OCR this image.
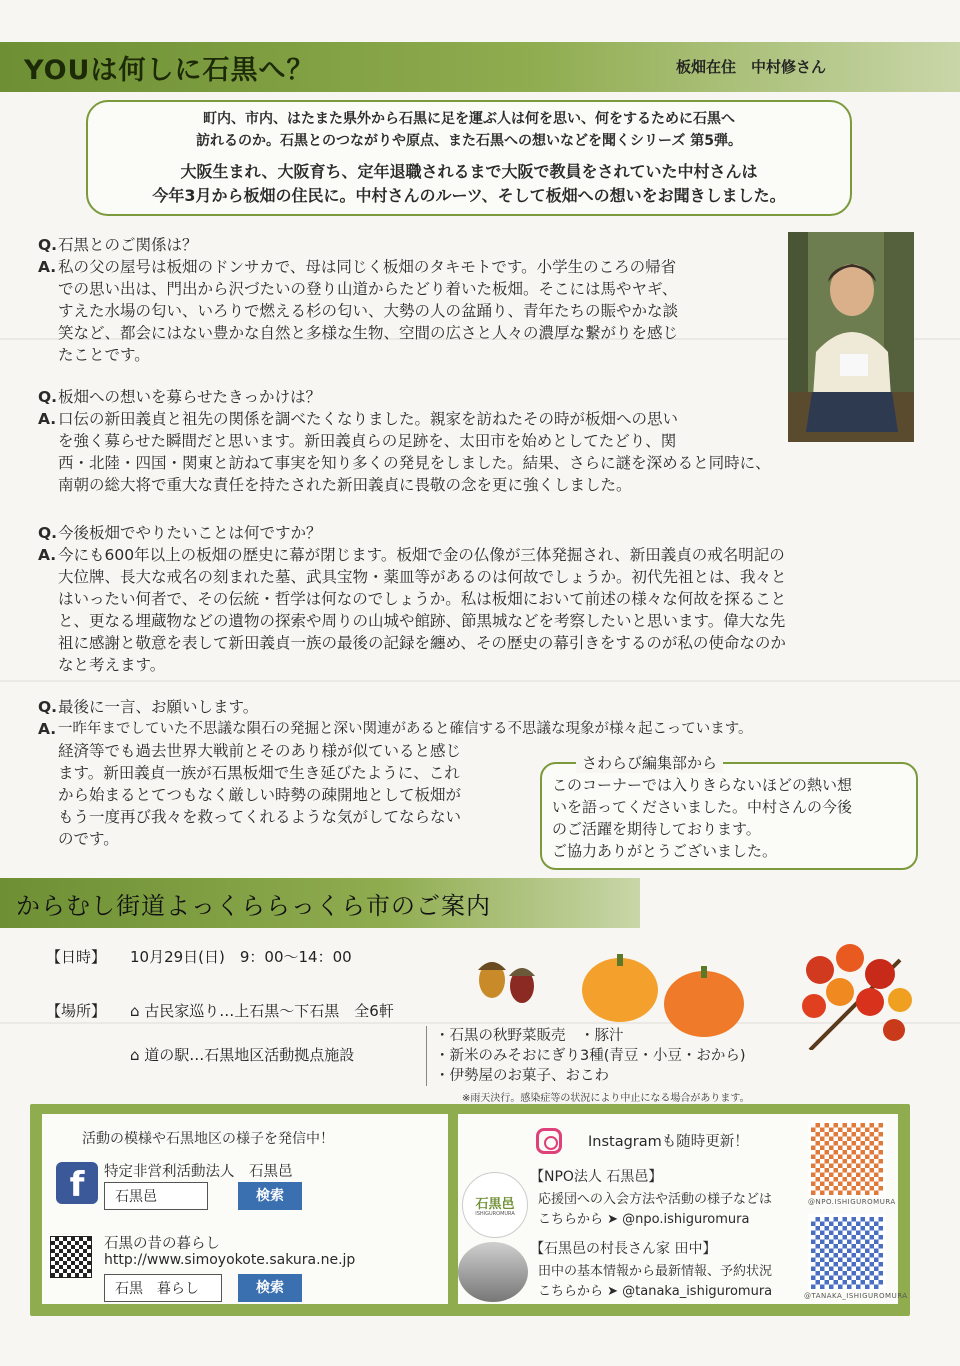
YOUは何しに石黒へ？	板畑在住　中村修さん
町内、市内、はたまた県外から石黒に足を運ぶ人は何を思い、何をするために石黒へ
訪れるのか。石黒とのつながりや原点、また石黒への想いなどを聞くシリーズ 第5弾。
大阪生まれ、大阪育ち、定年退職されるまで大阪で教員をされていた中村さんは
今年3月から板畑の住民に。中村さんのルーツ、そして板畑への想いをお聞きしました。
Q. 石黒とのご関係は？
A. 私の父の屋号は板畑のドンサカで、母は同じく板畑のタキモトです。小学生のころの帰省

での思い出は、門出から沢づたいの登り山道からたどり着いた板畑。そこには馬やヤギ、

すえた水場の匂い、いろりで燃える杉の匂い、大勢の人の盆踊り、青年たちの賑やかな談

笑など、都会にはない豊かな自然と多様な生物、空間の広さと人々の濃厚な繋がりを感じ

たことです。

Q. 板畑への想いを募らせたきっかけは？
A. 口伝の新田義貞と祖先の関係を調べたくなりました。親家を訪ねたその時が板畑への思い

を強く募らせた瞬間だと思います。新田義貞らの足跡を、太田市を始めとしてたどり、関

西・北陸・四国・関東と訪ねて事実を知り多くの発見をしました。結果、さらに謎を深めると同時に、

南朝の総大将で重大な責任を持たされた新田義貞に畏敬の念を更に強くしました。

Q. 今後板畑でやりたいことは何ですか？
A. 今にも600年以上の板畑の歴史に幕が閉じます。板畑で金の仏像が三体発掘され、新田義貞の戒名明記の

大位牌、長大な戒名の刻まれた墓、武具宝物・薬皿等があるのは何故でしょうか。初代先祖とは、我々と

はいったい何者で、その伝統・哲学は何なのでしょうか。私は板畑において前述の様々な何故を探ること

と、更なる埋蔵物などの遺物の探索や周りの山城や館跡、節黒城などを考察したいと思います。偉大な先

祖に感謝と敬意を表して新田義貞一族の最後の記録を纏め、その歴史の幕引きをするのが私の使命なのか

なと考えます。

Q. 最後に一言、お願いします。
A. 一昨年までしていた不思議な隕石の発掘と深い関連があると確信する不思議な現象が様々起こっています。

経済等でも過去世界大戦前とそのあり様が似ていると感じ

ます。新田義貞一族が石黒板畑で生き延びたように、これ

から始まるとてつもなく厳しい時勢の疎開地として板畑が

もう一度再び我々を救ってくれるような気がしてならない

のです。

さわらび編集部から
このコーナーでは入りきらないほどの熱い想
いを語ってくださいました。中村さんの今後
のご活躍を期待しております。
ご協力ありがとうございました。
からむし街道よっくららっくら市のご案内
【日時】 10月29日(日)　9：00～14：00
【場所】 ⌂ 古民家巡り…上石黒～下石黒　全6軒
⌂ 道の駅…石黒地区活動拠点施設
・石黒の秋野菜販売　・豚汁
・新米のみそおにぎり3種(青豆・小豆・おから)
・伊勢屋のお菓子、おこわ
※雨天決行。感染症等の状況により中止になる場合があります。
活動の模様や石黒地区の様子を発信中！
f	特定非営利活動法人　石黒邑
石黒邑	検索
石黒の昔の暮らし
http://www.simoyokote.sakura.ne.jp
石黒　暮らし	検索
Instagramも随時更新！
石黒邑
ISHIGUROMURA
【NPO法人 石黒邑】
応援団への入会方法や活動の様子などは
こちらから ➤ @npo.ishiguromura
【石黒邑の村長さん家 田中】
田中の基本情報から最新情報、予約状況
こちらから ➤ @tanaka_ishiguromura
@NPO.ISHIGUROMURA
@TANAKA_ISHIGUROMURA
